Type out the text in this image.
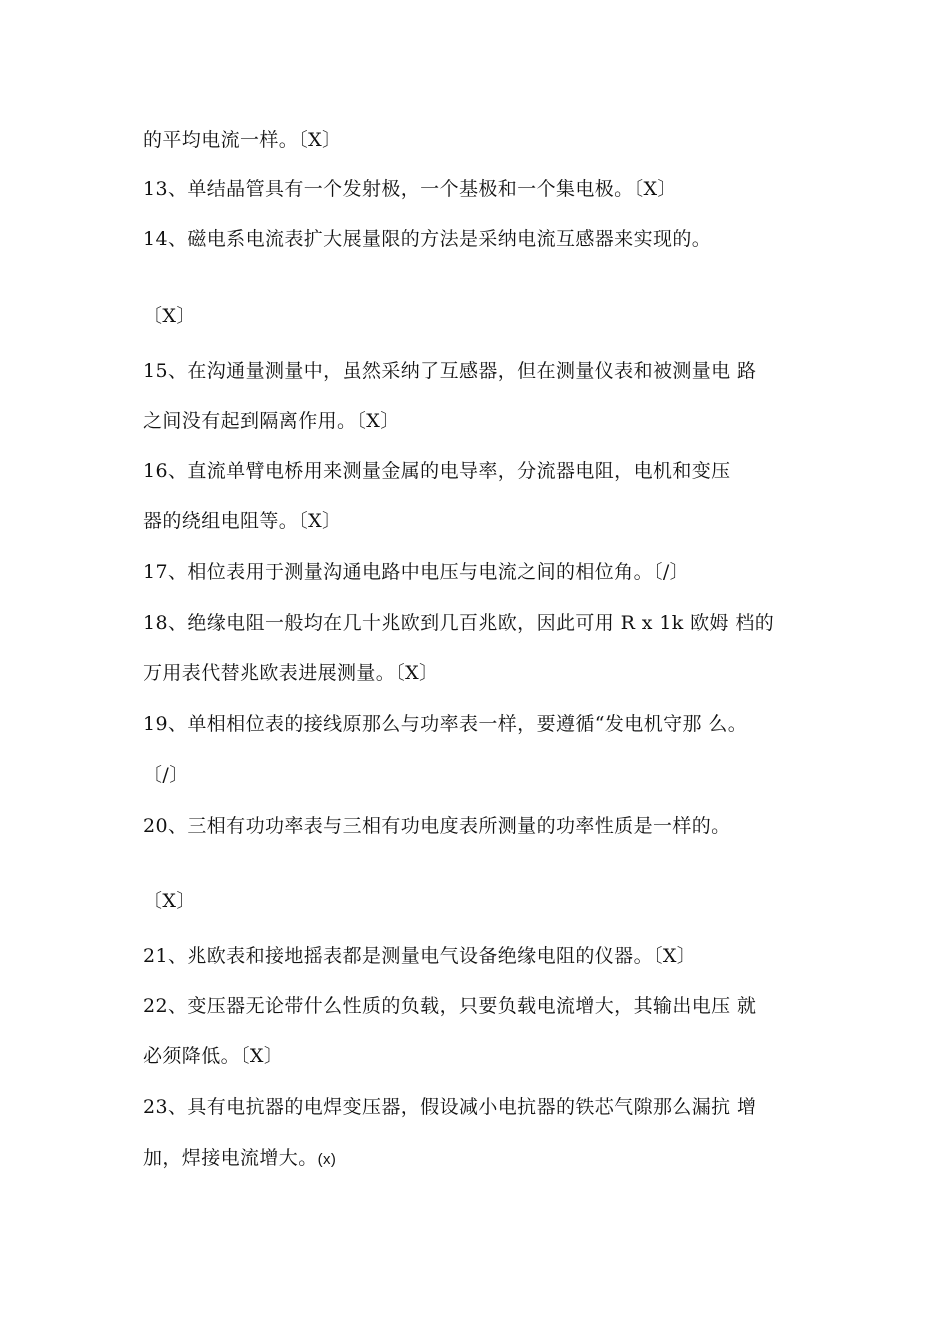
的平均电流一样。〔X〕
13、单结晶管具有一个发射极，一个基极和一个集电极。〔X〕
14、磁电系电流表扩大展量限的方法是采纳电流互感器来实现的。
〔X〕
15、在沟通量测量中，虽然采纳了互感器，但在测量仪表和被测量电 路
之间没有起到隔离作用。〔X〕
16、直流单臂电桥用来测量金属的电导率，分流器电阻，电机和变压
器的绕组电阻等。〔X〕
17、相位表用于测量沟通电路中电压与电流之间的相位角。〔/〕
18、绝缘电阻一般均在几十兆欧到几百兆欧，因此可用 R x 1k 欧姆 档的
万用表代替兆欧表进展测量。〔X〕
19、单相相位表的接线原那么与功率表一样，要遵循“发电机守那 么。
〔/〕
20、三相有功功率表与三相有功电度表所测量的功率性质是一样的。
〔X〕
21、兆欧表和接地摇表都是测量电气设备绝缘电阻的仪器。〔X〕
22、变压器无论带什么性质的负载，只要负载电流增大，其输出电压 就
必须降低。〔X〕
23、具有电抗器的电焊变压器，假设减小电抗器的铁芯气隙那么漏抗 增
加，焊接电流增大。(x)
